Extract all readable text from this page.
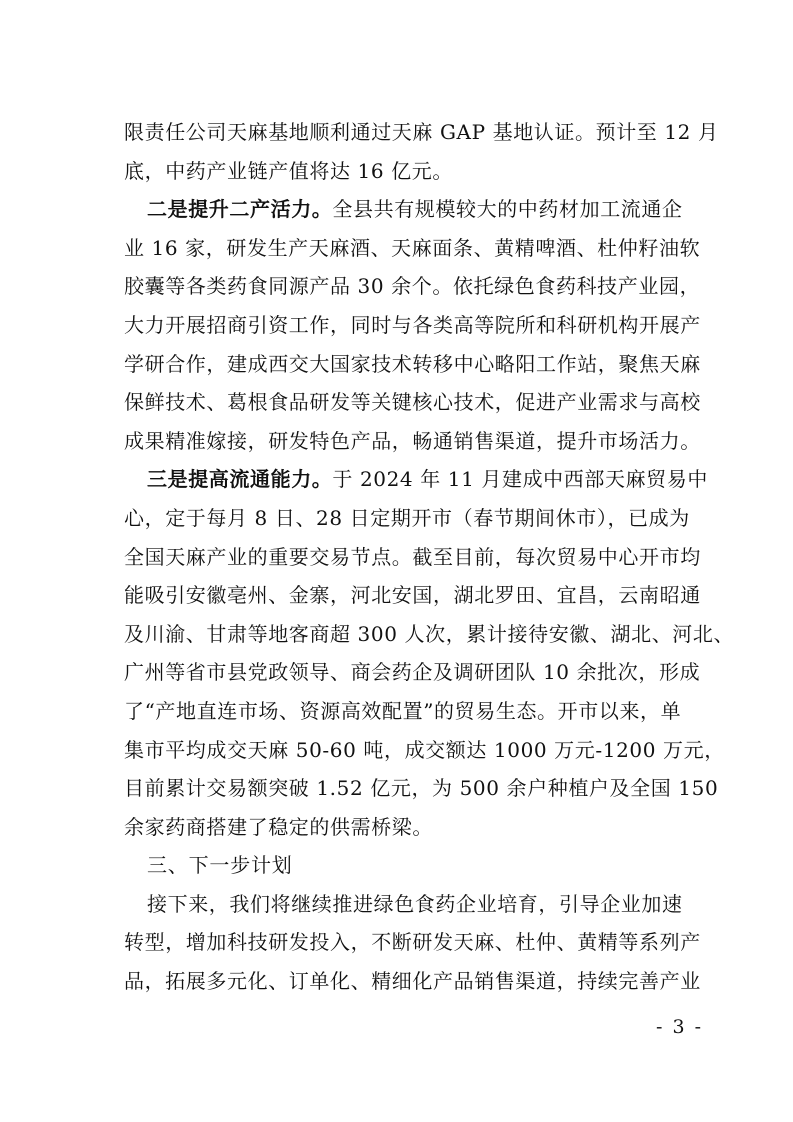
限责任公司天麻基地顺利通过天麻 GAP 基地认证。预计至 12 月
底，中药产业链产值将达 16 亿元。
二是提升二产活力。全县共有规模较大的中药材加工流通企
业 16 家，研发生产天麻酒、天麻面条、黄精啤酒、杜仲籽油软
胶囊等各类药食同源产品 30 余个。依托绿色食药科技产业园，
大力开展招商引资工作，同时与各类高等院所和科研机构开展产
学研合作，建成西交大国家技术转移中心略阳工作站，聚焦天麻
保鲜技术、葛根食品研发等关键核心技术，促进产业需求与高校
成果精准嫁接，研发特色产品，畅通销售渠道，提升市场活力。
三是提高流通能力。于 2024 年 11 月建成中西部天麻贸易中
心，定于每月 8 日、28 日定期开市（春节期间休市），已成为
全国天麻产业的重要交易节点。截至目前，每次贸易中心开市均
能吸引安徽亳州、金寨，河北安国，湖北罗田、宜昌，云南昭通
及川渝、甘肃等地客商超 300 人次，累计接待安徽、湖北、河北、
广州等省市县党政领导、商会药企及调研团队 10 余批次，形成
了“产地直连市场、资源高效配置”的贸易生态。开市以来，单
集市平均成交天麻 50-60 吨，成交额达 1000 万元-1200 万元，
目前累计交易额突破 1.52 亿元，为 500 余户种植户及全国 150
余家药商搭建了稳定的供需桥梁。
三、下一步计划
接下来，我们将继续推进绿色食药企业培育，引导企业加速
转型，增加科技研发投入，不断研发天麻、杜仲、黄精等系列产
品，拓展多元化、订单化、精细化产品销售渠道，持续完善产业
- 3 -
